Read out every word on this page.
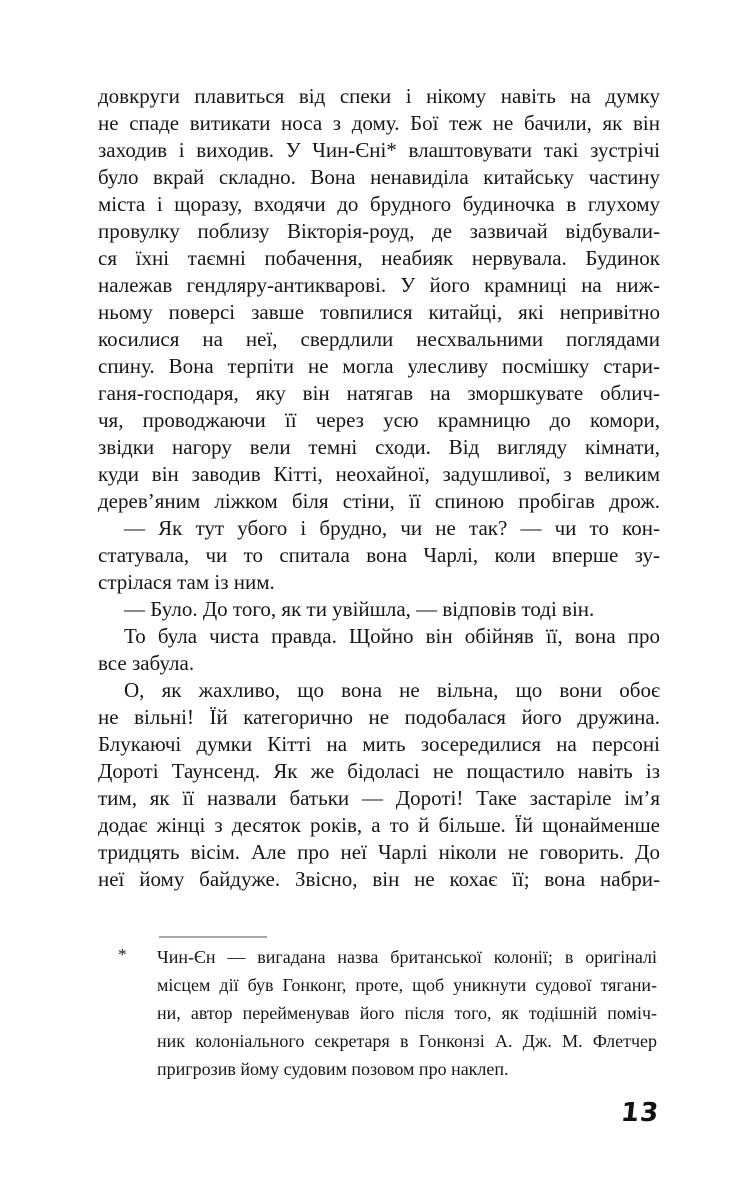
довкруги плавиться від спеки і нікому навіть на думку
не спаде витикати носа з дому. Бої теж не бачили, як він
заходив і виходив. У Чин-Єні* влаштовувати такі зустрічі
було вкрай складно. Вона ненавиділа китайську частину
міста і щоразу, входячи до брудного будиночка в глухому
провулку поблизу Вікторія-роуд, де зазвичай відбували-
ся їхні таємні побачення, неабияк нервувала. Будинок
належав гендляру-антикварові. У його крамниці на ниж-
ньому поверсі завше товпилися китайці, які непривітно
косилися на неї, свердлили несхвальними поглядами
спину. Вона терпіти не могла улесливу посмішку стари-
ганя-господаря, яку він натягав на зморшкувате облич-
чя, проводжаючи її через усю крамницю до комори,
звідки нагору вели темні сходи. Від вигляду кімнати,
куди він заводив Кітті, неохайної, задушливої, з великим
дерев’яним ліжком біля стіни, її спиною пробігав дрож.
— Як тут убого і брудно, чи не так? — чи то кон-
статувала, чи то спитала вона Чарлі, коли вперше зу-
стрілася там із ним.
— Було. До того, як ти увійшла, — відповів тоді він.
То була чиста правда. Щойно він обійняв її, вона про
все забула.
О, як жахливо, що вона не вільна, що вони обоє
не вільні! Їй категорично не подобалася його дружина.
Блукаючі думки Кітті на мить зосередилися на персоні
Дороті Таунсенд. Як же бідоласі не пощастило навіть із
тим, як її назвали батьки — Дороті! Таке застаріле ім’я
додає жінці з десяток років, а то й більше. Їй щонайменше
тридцять вісім. Але про неї Чарлі ніколи не говорить. До
неї йому байдуже. Звісно, він не кохає її; вона набри-
Чин-Єн — вигадана назва британської колонії; в оригіналі
*
місцем дії був Гонконг, проте, щоб уникнути судової тягани-
ни, автор перейменував його після того, як тодішній поміч-
ник колоніального секретаря в Гонконзі А. Дж. М. Флетчер
пригрозив йому судовим позовом про наклеп.
13
